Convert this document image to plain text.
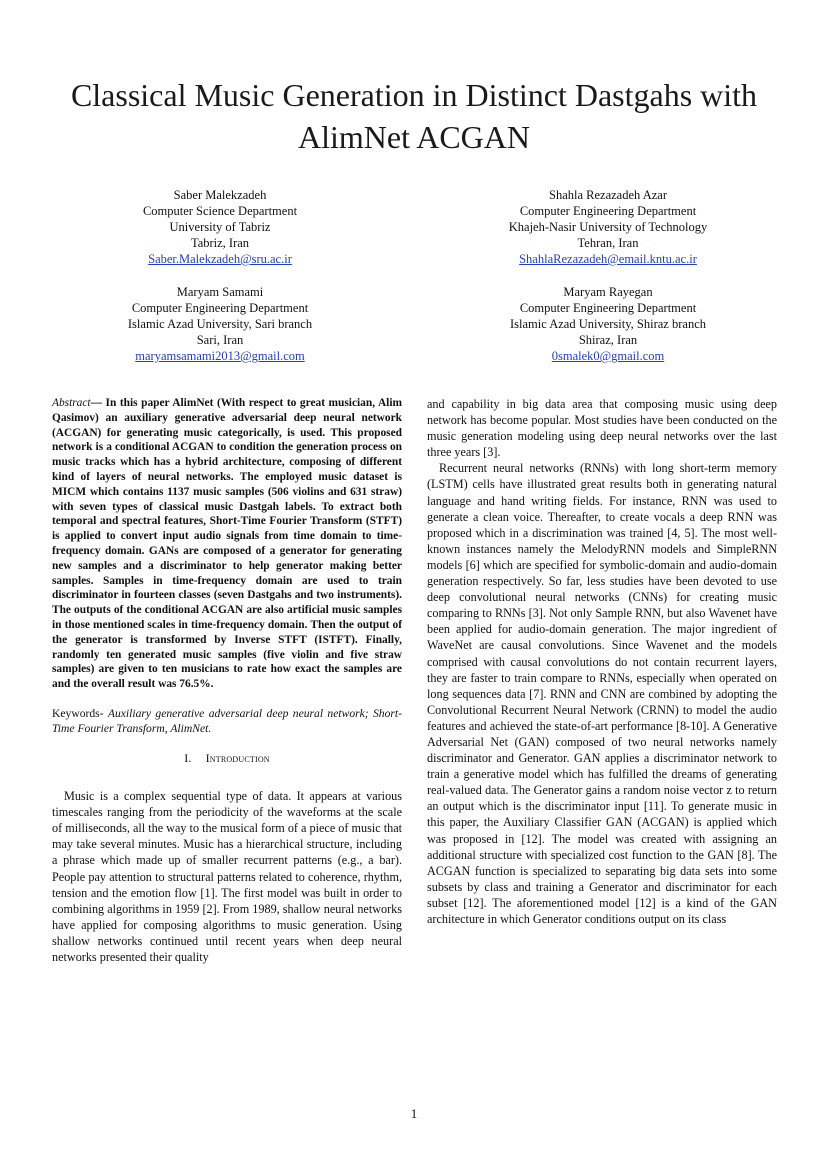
Classical Music Generation in Distinct Dastgahs with AlimNet ACGAN
Saber Malekzadeh
Computer Science Department
University of Tabriz
Tabriz, Iran
Saber.Malekzadeh@sru.ac.ir
Shahla Rezazadeh Azar
Computer Engineering Department
Khajeh-Nasir University of Technology
Tehran, Iran
ShahlaRezazadeh@email.kntu.ac.ir
Maryam Samami
Computer Engineering Department
Islamic Azad University, Sari branch
Sari, Iran
maryamsamami2013@gmail.com
Maryam Rayegan
Computer Engineering Department
Islamic Azad University, Shiraz branch
Shiraz, Iran
0smalek0@gmail.com

Abstract— In this paper AlimNet (With respect to great musician, Alim Qasimov) an auxiliary generative adversarial deep neural network (ACGAN) for generating music categorically, is used. This proposed network is a conditional ACGAN to condition the generation process on music tracks which has a hybrid architecture, composing of different kind of layers of neural networks. The employed music dataset is MICM which contains 1137 music samples (506 violins and 631 straw) with seven types of classical music Dastgah labels. To extract both temporal and spectral features, Short-Time Fourier Transform (STFT) is applied to convert input audio signals from time domain to time-frequency domain. GANs are composed of a generator for generating new samples and a discriminator to help generator making better samples. Samples in time-frequency domain are used to train discriminator in fourteen classes (seven Dastgahs and two instruments). The outputs of the conditional ACGAN are also artificial music samples in those mentioned scales in time-frequency domain. Then the output of the generator is transformed by Inverse STFT (ISTFT). Finally, randomly ten generated music samples (five violin and five straw samples) are given to ten musicians to rate how exact the samples are and the overall result was 76.5%.

Keywords- Auxiliary generative adversarial deep neural network; Short-Time Fourier Transform, AlimNet.

I. Introduction

Music is a complex sequential type of data. It appears at various timescales ranging from the periodicity of the waveforms at the scale of milliseconds, all the way to the musical form of a piece of music that may take several minutes. Music has a hierarchical structure, including a phrase which made up of smaller recurrent patterns (e.g., a bar). People pay attention to structural patterns related to coherence, rhythm, tension and the emotion flow [1]. The first model was built in order to combining algorithms in 1959 [2]. From 1989, shallow neural networks have applied for composing algorithms to music generation. Using shallow networks continued until recent years when deep neural networks presented their quality

and capability in big data area that composing music using deep network has become popular. Most studies have been conducted on the music generation modeling using deep neural networks over the last three years [3].

Recurrent neural networks (RNNs) with long short-term memory (LSTM) cells have illustrated great results both in generating natural language and hand writing fields. For instance, RNN was used to generate a clean voice. Thereafter, to create vocals a deep RNN was proposed which in a discrimination was trained [4, 5]. The most well-known instances namely the MelodyRNN models and SimpleRNN models [6] which are specified for symbolic-domain and audio-domain generation respectively. So far, less studies have been devoted to use deep convolutional neural networks (CNNs) for creating music comparing to RNNs [3]. Not only Sample RNN, but also Wavenet have been applied for audio-domain generation. The major ingredient of WaveNet are causal convolutions. Since Wavenet and the models comprised with causal convolutions do not contain recurrent layers, they are faster to train compare to RNNs, especially when operated on long sequences data [7]. RNN and CNN are combined by adopting the Convolutional Recurrent Neural Network (CRNN) to model the audio features and achieved the state-of-art performance [8-10]. A Generative Adversarial Net (GAN) composed of two neural networks namely discriminator and Generator. GAN applies a discriminator network to train a generative model which has fulfilled the dreams of generating real-valued data. The Generator gains a random noise vector z to return an output which is the discriminator input [11]. To generate music in this paper, the Auxiliary Classifier GAN (ACGAN) is applied which was proposed in [12]. The model was created with assigning an additional structure with specialized cost function to the GAN [8]. The ACGAN function is specialized to separating big data sets into some subsets by class and training a Generator and discriminator for each subset [12]. The aforementioned model [12] is a kind of the GAN architecture in which Generator conditions output on its class

1
